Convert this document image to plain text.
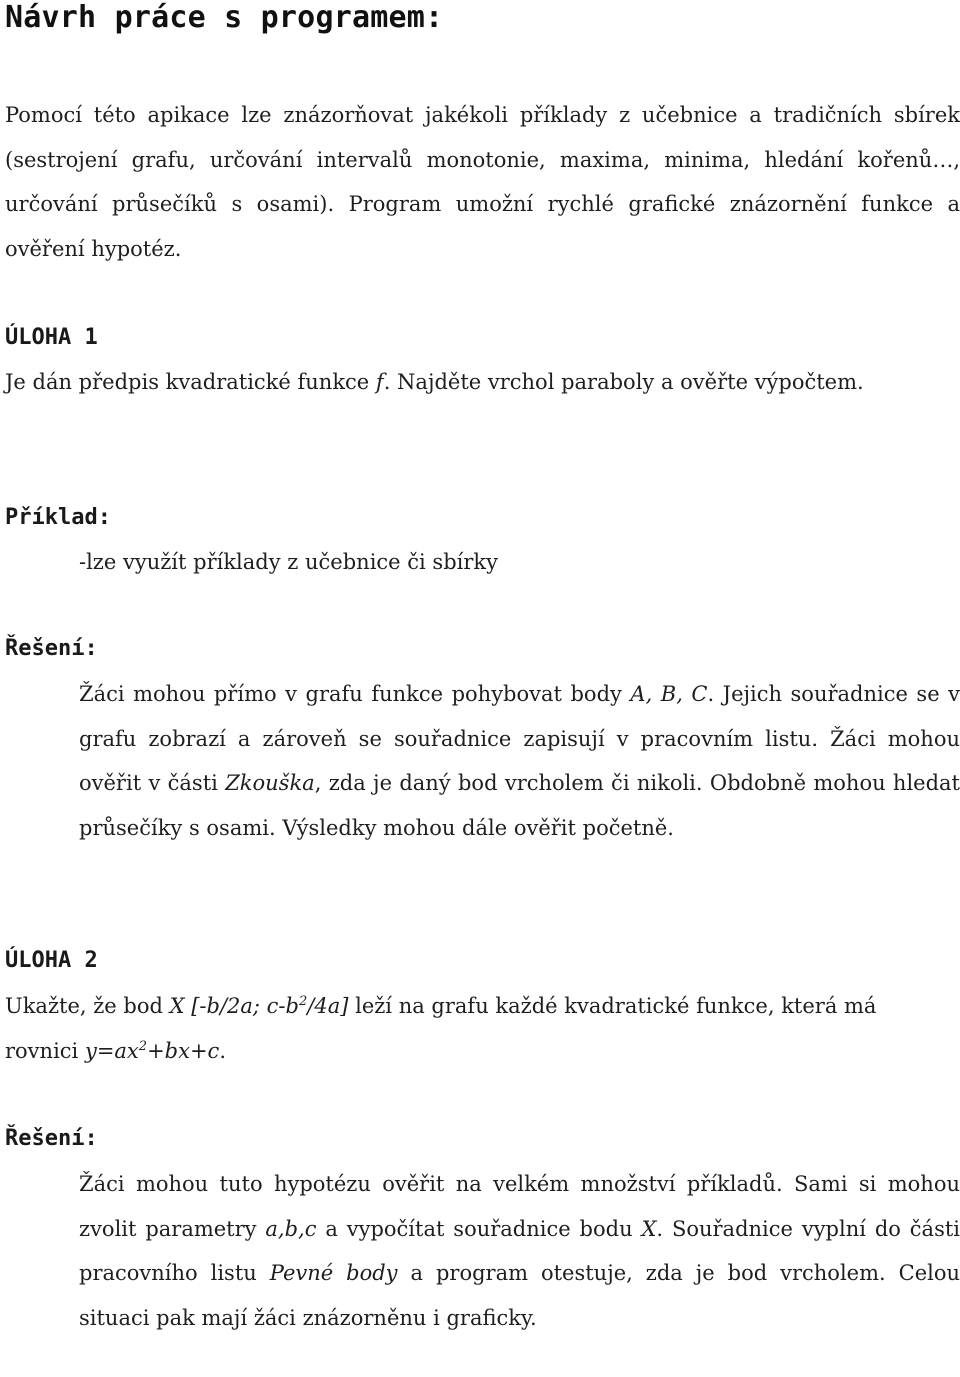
Návrh práce s programem:

Pomocí této apikace lze znázorňovat jakékoli příklady z učebnice a tradičních sbírek (sestrojení grafu, určování intervalů monotonie, maxima, minima, hledání kořenů…, určování průsečíků s osami). Program umožní rychlé grafické znázornění funkce a ověření hypotéz.

ÚLOHA 1

Je dán předpis kvadratické funkce f. Najděte vrchol paraboly a ověřte výpočtem.

Příklad:

-lze využít příklady z učebnice či sbírky

Řešení:

Žáci mohou přímo v grafu funkce pohybovat body A, B, C. Jejich souřadnice se v grafu zobrazí a zároveň se souřadnice zapisují v pracovním listu. Žáci mohou ověřit v části Zkouška, zda je daný bod vrcholem či nikoli. Obdobně mohou hledat průsečíky s osami. Výsledky mohou dále ověřit početně.

ÚLOHA 2

Ukažte, že bod X [-b/2a; $c-b^2/4a$] leží na grafu každé kvadratické funkce, která má rovnici $y=ax^2+bx+c$.

Řešení:

Žáci mohou tuto hypotézu ověřit na velkém množství příkladů. Sami si mohou zvolit parametry a,b,c a vypočítat souřadnice bodu X. Souřadnice vyplní do části pracovního listu Pevné body a program otestuje, zda je bod vrcholem. Celou situaci pak mají žáci znázorněnu i graficky.
